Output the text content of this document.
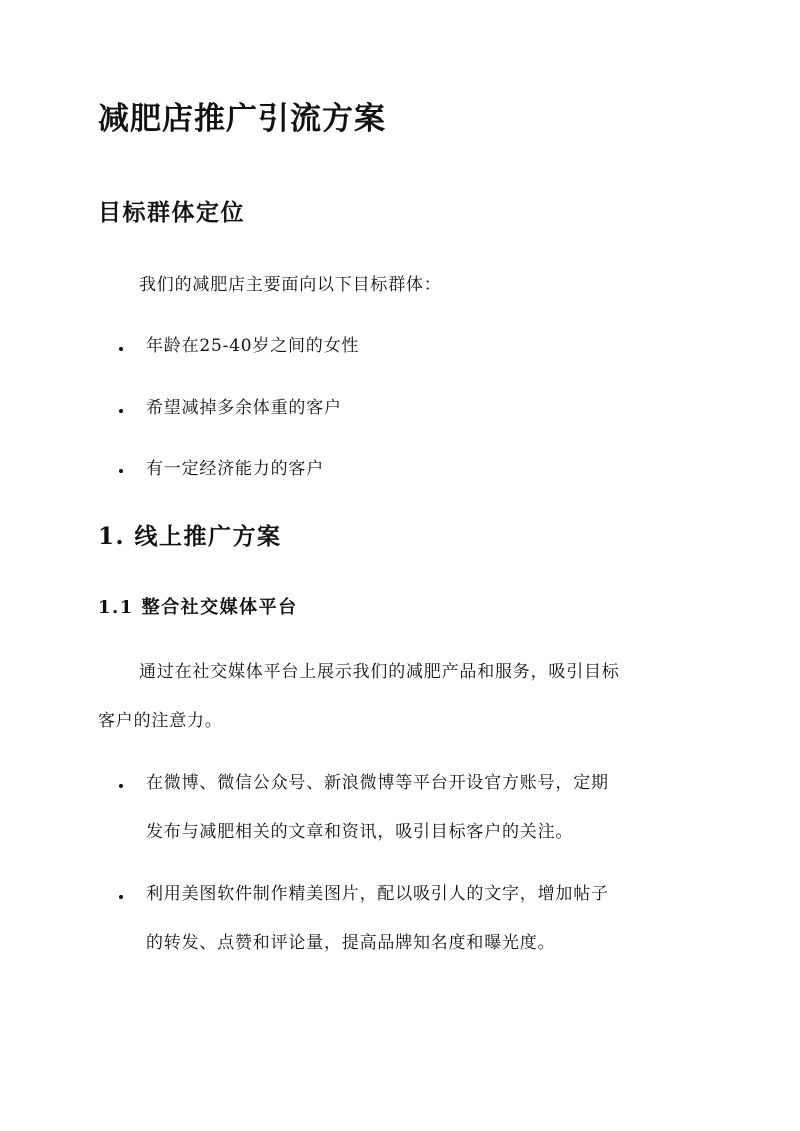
减肥店推广引流方案
目标群体定位

我们的减肥店主要面向以下目标群体：

年龄在25-40岁之间的女性

希望减掉多余体重的客户

有一定经济能力的客户

1. 线上推广方案
1.1 整合社交媒体平台

通过在社交媒体平台上展示我们的减肥产品和服务，吸引目标

客户的注意力。

在微博、微信公众号、新浪微博等平台开设官方账号，定期

发布与减肥相关的文章和资讯，吸引目标客户的关注。

利用美图软件制作精美图片，配以吸引人的文字，增加帖子

的转发、点赞和评论量，提高品牌知名度和曝光度。
